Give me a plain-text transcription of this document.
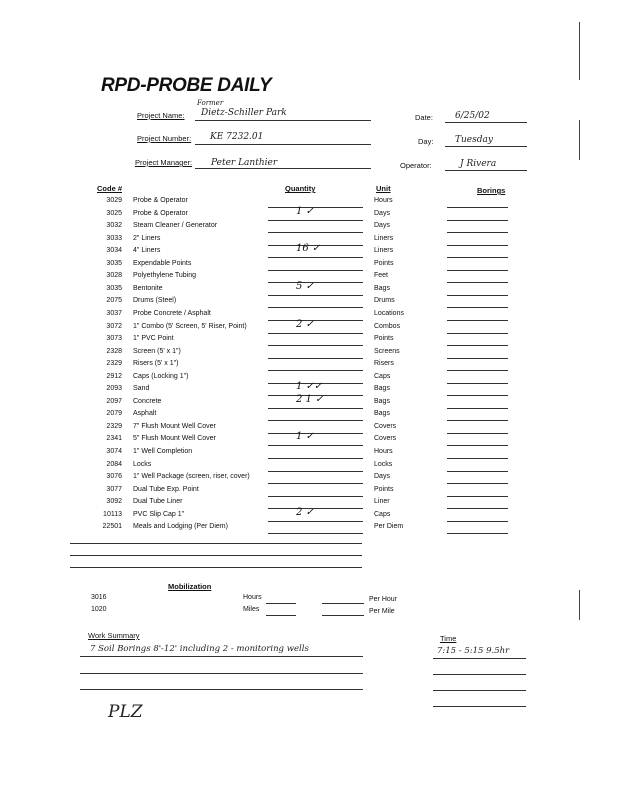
RPD-PROBE DAILY
Former
Project Name: Dietz-Schiller Park
Project Number: KE 7232.01
Project Manager: Peter Lanthier
Date: 6/25/02
Day: Tuesday
Operator:	J Rivera
Code #	Quantity	Unit	Borings
3029 Probe & Operator	Hours
3025 Probe & Operator	1 ✓	Days
3032 Steam Cleaner / Generator	Days
3033 2" Liners	Liners
3034 4" Liners	16 ✓	Liners
3035 Expendable Points	Points
3028 Polyethylene Tubing	Feet
3035 Bentonite	5 ✓	Bags
2075 Drums (Steel)	Drums
3037 Probe Concrete / Asphalt	Locations
3072 1" Combo (5' Screen, 5' Riser, Point)	2 ✓	Combos
3073 1" PVC Point	Points
2328 Screen (5' x 1")	Screens
2329 Risers (5' x 1")	Risers
2912 Caps (Locking 1")	Caps
2093 Sand	1 ✓✓	Bags
2097 Concrete	2 1 ✓	Bags
2079 Asphalt	Bags
2329 7" Flush Mount Well Cover	Covers
2341 5" Flush Mount Well Cover	1 ✓	Covers
3074 1" Well Completion	Hours
2084 Locks	Locks
3076 1" Well Package (screen, riser, cover)	Days
3077 Dual Tube Exp. Point	Points
3092 Dual Tube Liner	Liner
10113 PVC Slip Cap 1"	2 ✓	Caps
22501 Meals and Lodging (Per Diem)	Per Diem
Mobilization
3016	Hours	Per Hour
1020	Miles	Per Mile
Work Summary
7 Soil Borings 8'-12' including 2 - monitoring wells
PLZ
Time
7:15 - 5:15 9.5hr
